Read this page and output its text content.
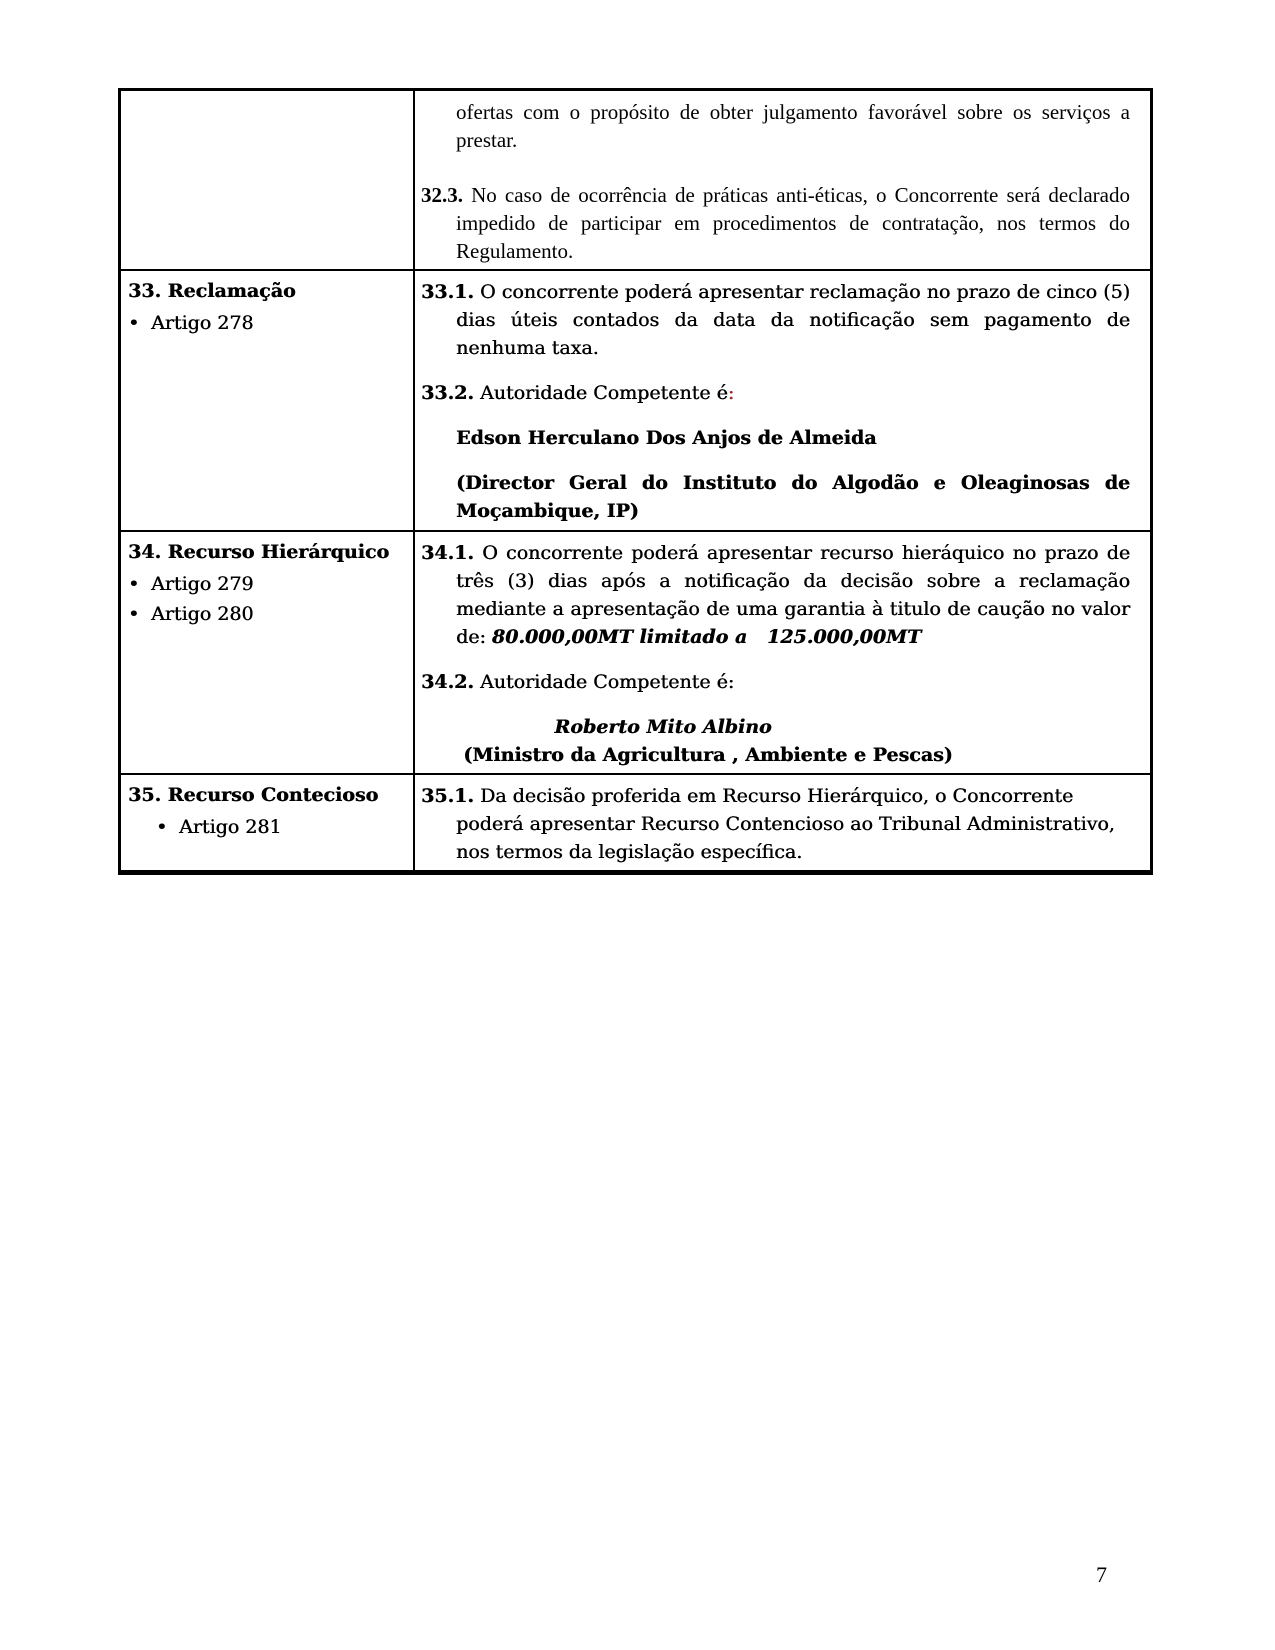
ofertas com o propósito de obter julgamento favorável sobre os serviços a prestar.

32.3. No caso de ocorrência de práticas anti-éticas, o Concorrente será declarado impedido de participar em procedimentos de contratação, nos termos do Regulamento.

33. Reclamação

• Artigo 278

33.1. O concorrente poderá apresentar reclamação no prazo de cinco (5) dias úteis contados da data da notificação sem pagamento de nenhuma taxa.

33.2. Autoridade Competente é:

Edson Herculano Dos Anjos de Almeida

(Director Geral do Instituto do Algodão e Oleaginosas de Moçambique, IP)

34. Recurso Hierárquico

• Artigo 279
• Artigo 280

34.1. O concorrente poderá apresentar recurso hieráquico no prazo de três (3) dias após a notificação da decisão sobre a reclamação mediante a apresentação de uma garantia à titulo de caução no valor de: 80.000,00MT limitado a   125.000,00MT

34.2. Autoridade Competente é:

Roberto Mito Albino

(Ministro da Agricultura , Ambiente e Pescas)

35. Recurso Contecioso

• Artigo 281

35.1. Da decisão proferida em Recurso Hierárquico, o Concorrente poderá apresentar Recurso Contencioso ao Tribunal Administrativo, nos termos da legislação específica.

7
